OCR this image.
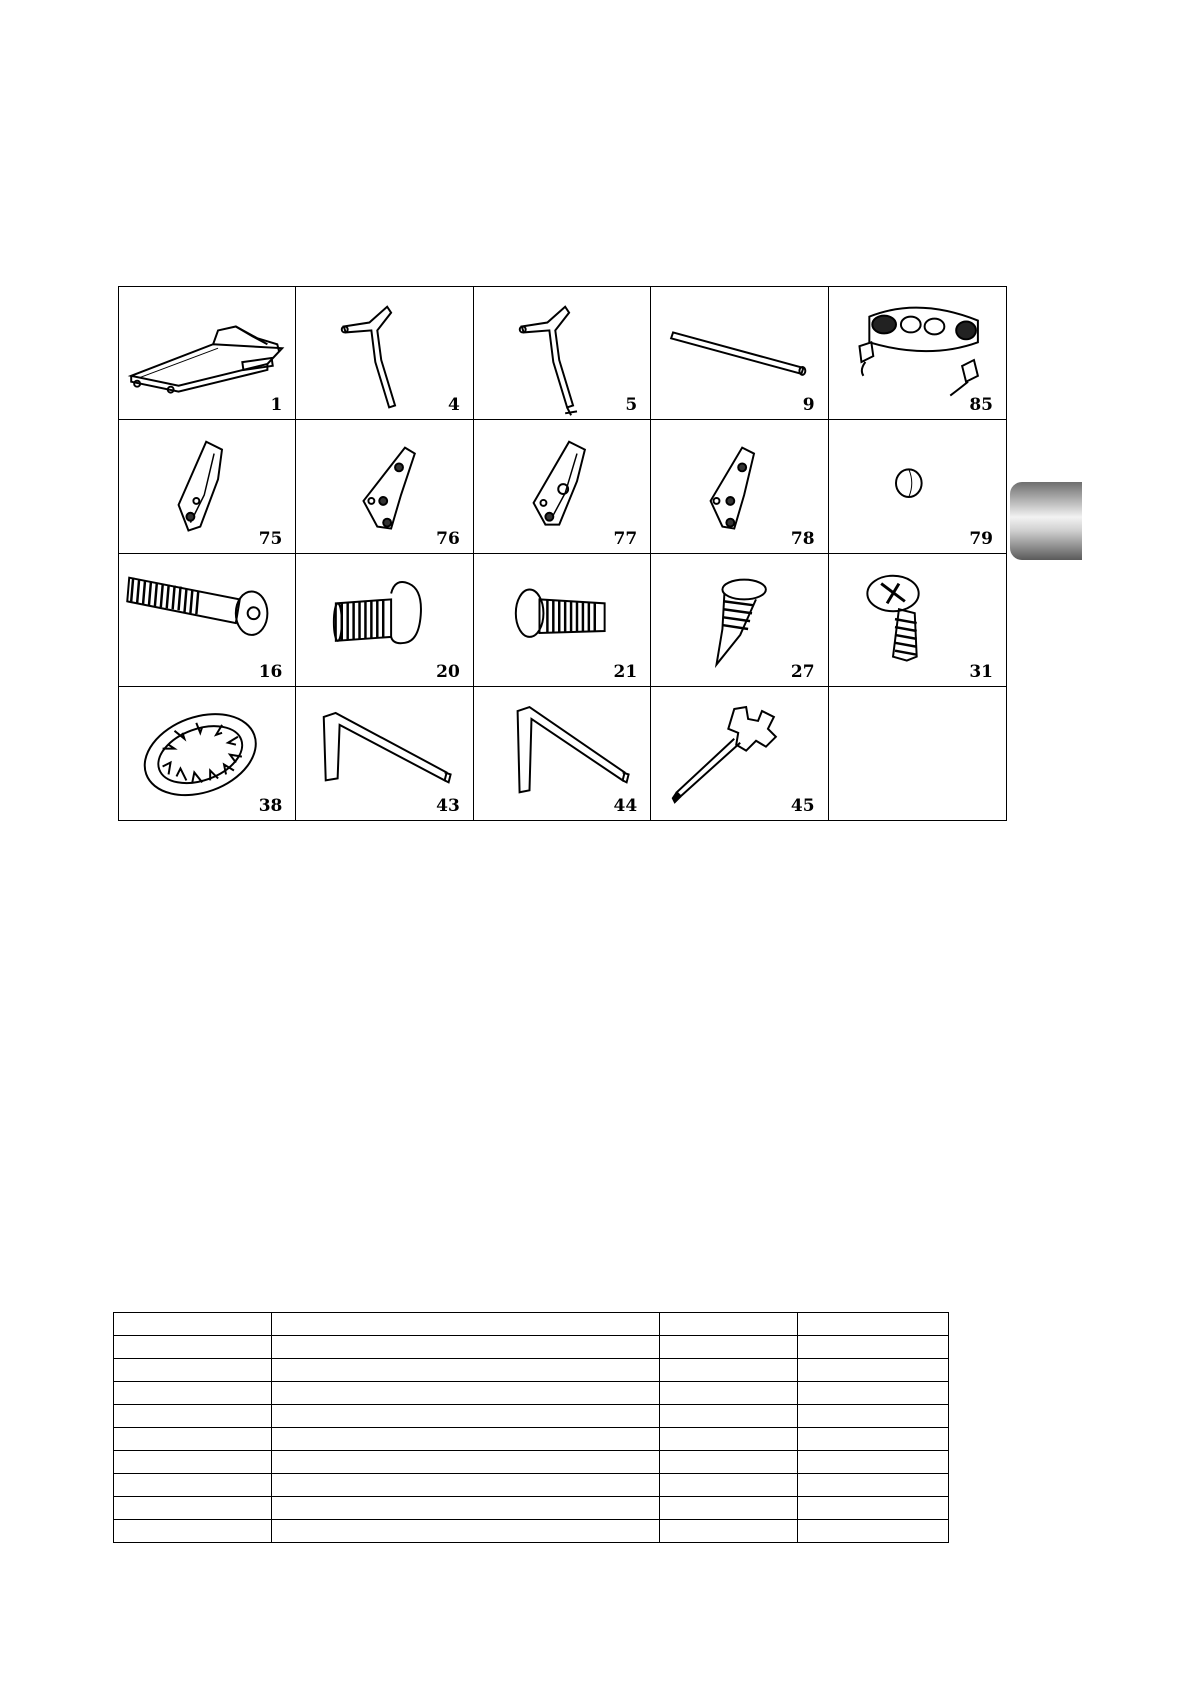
1	4	5	9	85
75	76	77	78	79
16	20	21	27	31
38	43	44	45
